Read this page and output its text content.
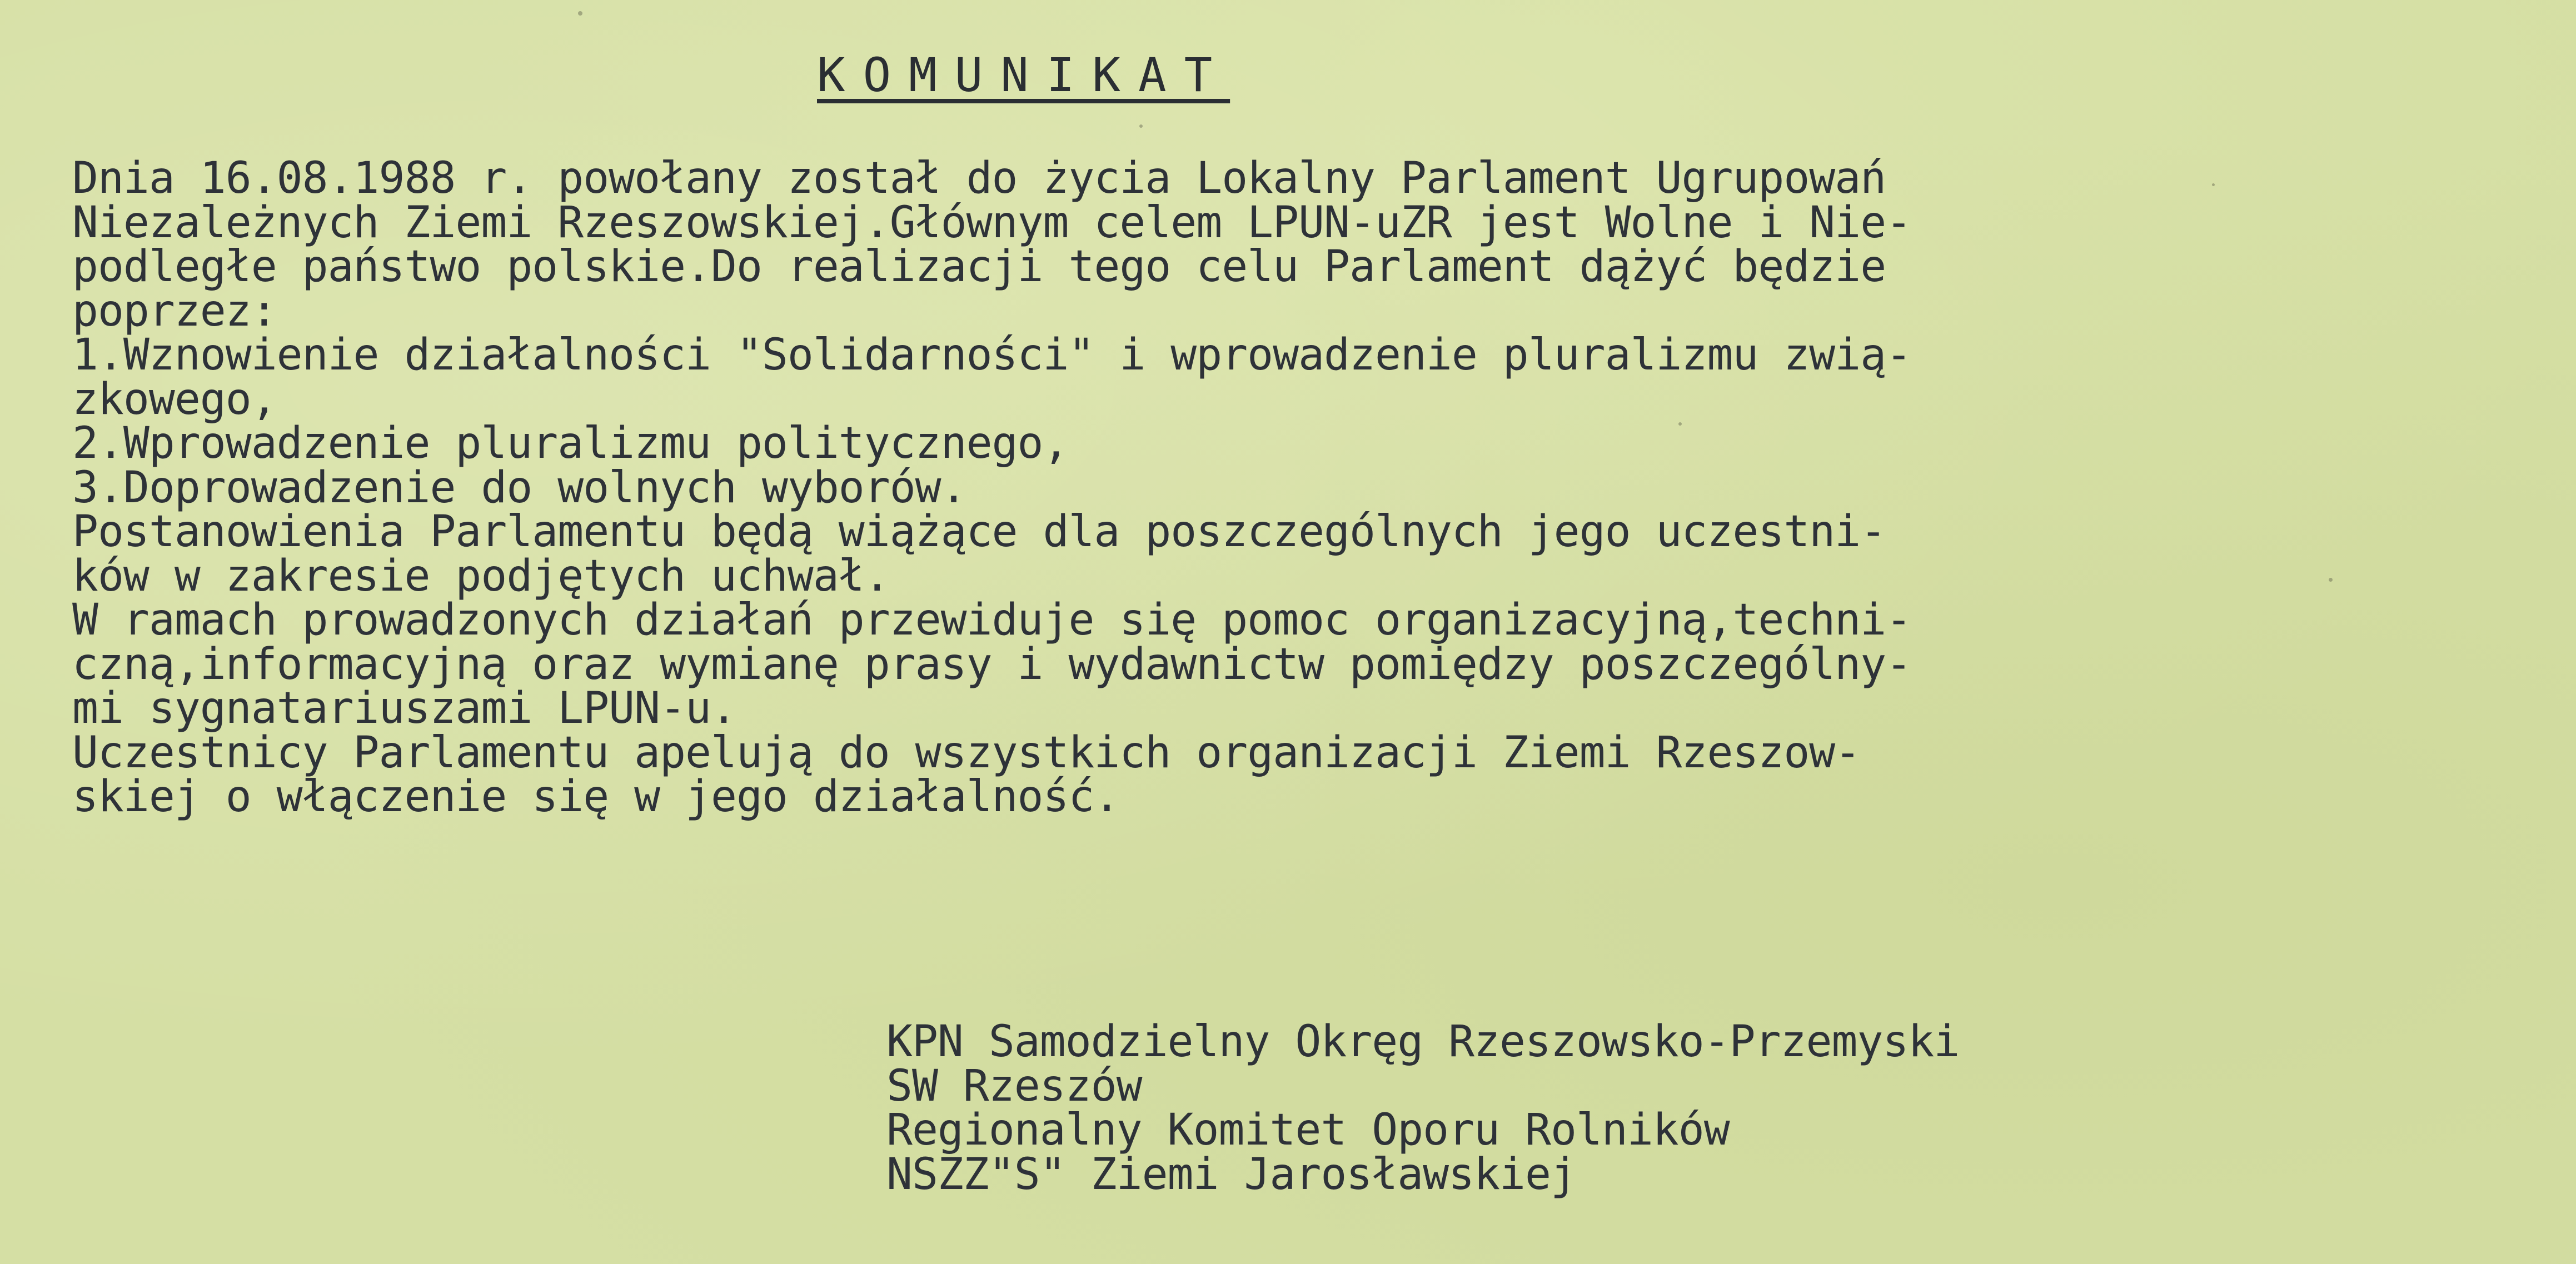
KOMUNIKAT
Dnia 16.08.1988 r. powołany został do życia Lokalny Parlament Ugrupowań
Niezależnych Ziemi Rzeszowskiej.Głównym celem LPUN-uZR jest Wolne i Nie-
podległe państwo polskie.Do realizacji tego celu Parlament dążyć będzie
poprzez:
1.Wznowienie działalności "Solidarności" i wprowadzenie pluralizmu zwią-
zkowego,
2.Wprowadzenie pluralizmu politycznego,
3.Doprowadzenie do wolnych wyborów.
Postanowienia Parlamentu będą wiążące dla poszczególnych jego uczestni-
ków w zakresie podjętych uchwał.
W ramach prowadzonych działań przewiduje się pomoc organizacyjną,techni-
czną,informacyjną oraz wymianę prasy i wydawnictw pomiędzy poszczególny-
mi sygnatariuszami LPUN-u.
Uczestnicy Parlamentu apelują do wszystkich organizacji Ziemi Rzeszow-
skiej o włączenie się w jego działalność.
KPN Samodzielny Okręg Rzeszowsko-Przemyski
SW Rzeszów
Regionalny Komitet Oporu Rolników
NSZZ"S" Ziemi Jarosławskiej
